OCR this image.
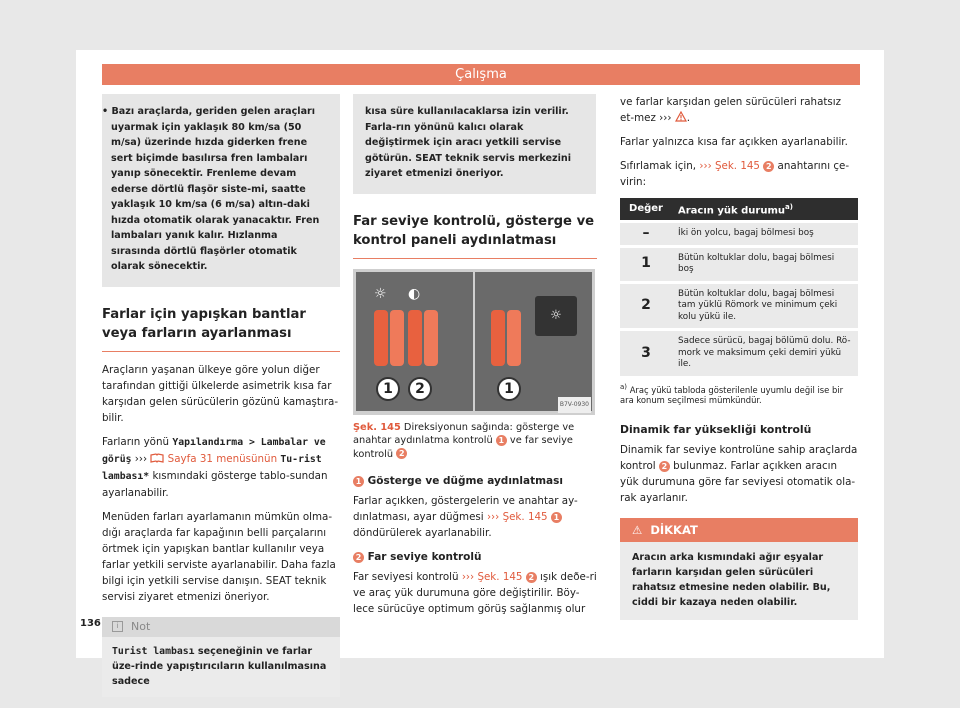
Çalışma
• Bazı araçlarda, geriden gelen araçları uyarmak için yaklaşık 80 km/sa (50 m/sa) üzerinde hızda giderken frene sert biçimde basılırsa fren lambaları yanıp sönecektir. Frenleme devam ederse dörtlü flaşör siste-mi, saatte yaklaşık 10 km/sa (6 m/sa) altın-daki hızda otomatik olarak yanacaktır. Fren lambaları yanık kalır. Hızlanma sırasında dörtlü flaşörler otomatik olarak sönecektir.
Farlar için yapışkan bantlar veya farların ayarlanması

Araçların yaşanan ülkeye göre yolun diğer tarafından gittiği ülkelerde asimetrik kısa far karşıdan gelen sürücülerin gözünü kamaştıra-bilir.

Farların yönü Yapılandırma > Lambalar ve görüş ›››  Sayfa 31 menüsünün Tu-rist lambası* kısmındaki gösterge tablo-sundan ayarlanabilir.

Menüden farları ayarlamanın mümkün olma-dığı araçlarda far kapağının belli parçalarını örtmek için yapışkan bantlar kullanılır veya farlar yetkili serviste ayarlanabilir. Daha fazla bilgi için yetkili servise danışın. SEAT teknik servisi ziyaret etmenizi öneriyor.

i Not
Turist lambası seçeneğinin ve farlar üze-rinde yapıştırıcıların kullanılmasına sadece
kısa süre kullanılacaklarsa izin verilir. Farla-rın yönünü kalıcı olarak değiştirmek için aracı yetkili servise götürün. SEAT teknik servis merkezini ziyaret etmenizi öneriyor.
Far seviye kontrolü, gösterge ve kontrol paneli aydınlatması
☼ ◐
1	2
☼
1
B7V-0930
Şek. 145 Direksiyonun sağında: gösterge ve anahtar aydınlatma kontrolü 1 ve far seviye kontrolü 2
1 Gösterge ve düğme aydınlatması

Farlar açıkken, göstergelerin ve anahtar ay-dınlatması, ayar düğmesi ››› Şek. 145 1 döndürülerek ayarlanabilir.

2 Far seviye kontrolü

Far seviyesi kontrolü ››› Şek. 145 2 ışık deðe-ri ve araç yük durumuna göre değiştirilir. Böy-lece sürücüye optimum görüş sağlanmış olur

ve farlar karşıdan gelen sürücüleri rahatsız et-mez ››› .

Farlar yalnızca kısa far açıkken ayarlanabilir.

Sıfırlamak için, ››› Şek. 145 2 anahtarını çe-virin:

Değer	Aracın yük durumu$^{a)}$
–	İki ön yolcu, bagaj bölmesi boş
1	Bütün koltuklar dolu, bagaj bölmesi boş
2	Bütün koltuklar dolu, bagaj bölmesi tam yüklü Römork ve minimum çeki kolu yükü ile.
3	Sadece sürücü, bagaj bölümü dolu. Rö-mork ve maksimum çeki demiri yükü ile.
$^{a)}$ Araç yükü tabloda gösterilenle uyumlu değil ise bir ara konum seçilmesi mümkündür.
Dinamik far yüksekliği kontrolü

Dinamik far seviye kontrolüne sahip araçlarda kontrol 2 bulunmaz. Farlar açıkken aracın yük durumuna göre far seviyesi otomatik ola-rak ayarlanır.

⚠ DİKKAT
Aracın arka kısmındaki ağır eşyalar farların karşıdan gelen sürücüleri rahatsız etmesine neden olabilir. Bu, ciddi bir kazaya neden olabilir.
136
